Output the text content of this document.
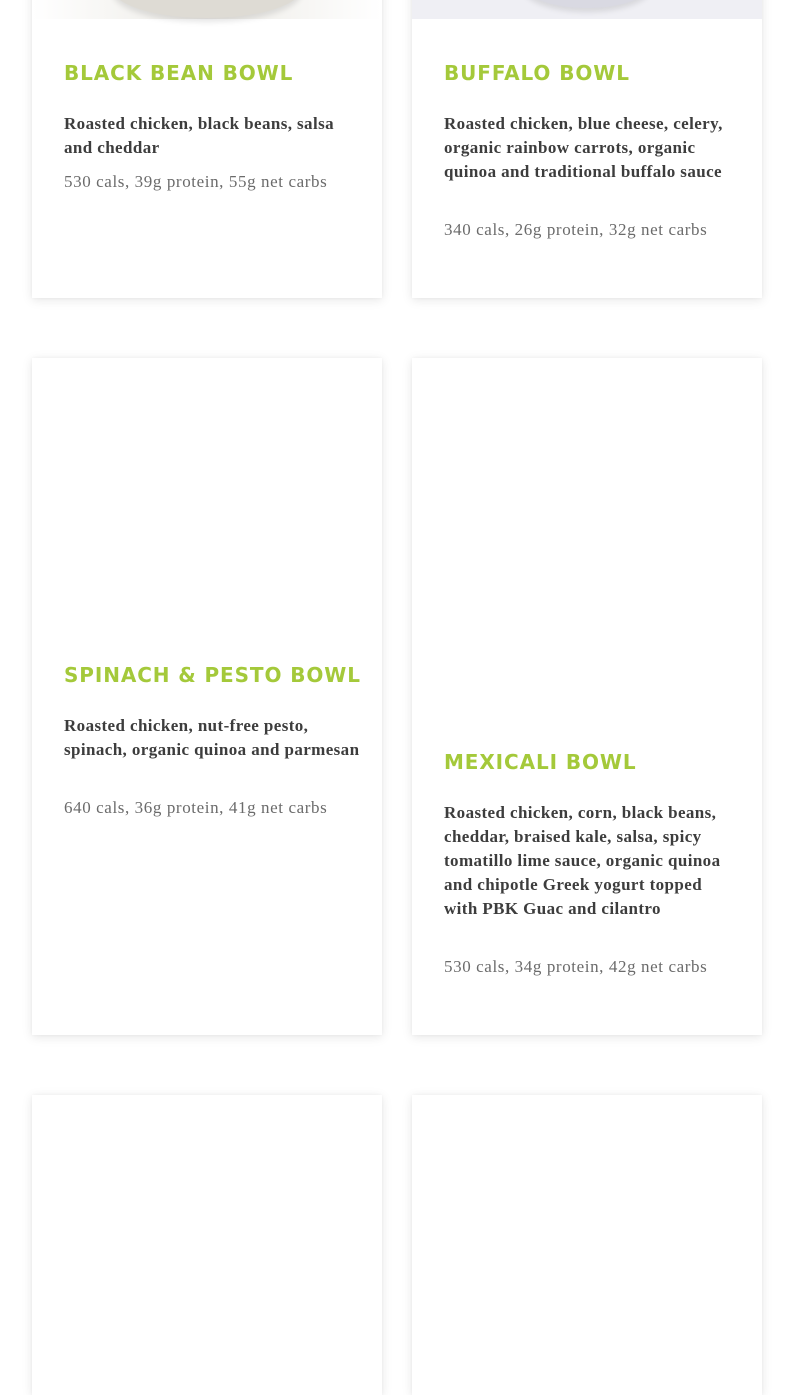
BLACK BEAN BOWL

Roasted chicken, black beans, salsa and cheddar

530 cals, 39g protein, 55g net carbs

BUFFALO BOWL

Roasted chicken, blue cheese, celery, organic rainbow carrots, organic quinoa and traditional buffalo sauce

340 cals, 26g protein, 32g net carbs

SPINACH & PESTO BOWL

Roasted chicken, nut-free pesto, spinach, organic quinoa and parmesan

640 cals, 36g protein, 41g net carbs

MEXICALI BOWL

Roasted chicken, corn, black beans, cheddar, braised kale, salsa, spicy tomatillo lime sauce, organic quinoa and chipotle Greek yogurt topped with PBK Guac and cilantro

530 cals, 34g protein, 42g net carbs
